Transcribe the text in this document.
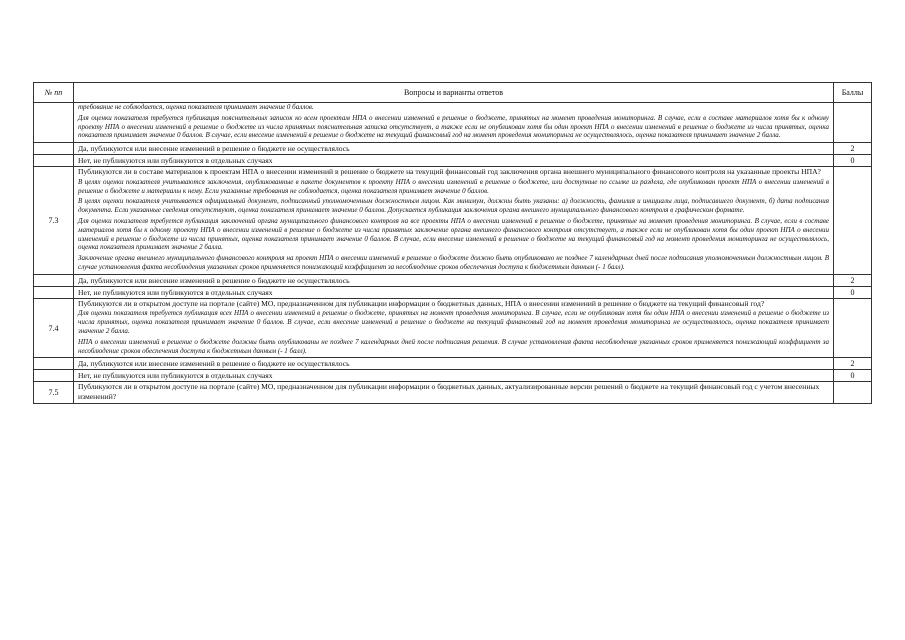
№ пп	Вопросы и варианты ответов	Баллы

	требование не соблюдается, оценка показателя принимает значение 0 баллов.

Для оценки показателя требуется публикация пояснительных записок ко всем проектам НПА о внесении изменений в решение о бюджете, принятых на момент проведения мониторинга. В случае, если в составе материалов хотя бы к одному проекту НПА о внесении изменений в решение о бюджете из числа принятых пояснительная записка отсутствует, а также если не опубликован хотя бы один проект НПА о внесении изменений в решение о бюджете из числа принятых, оценка показателя принимает значение 0 баллов. В случае, если внесение изменений в решение о бюджете на текущий финансовый год на момент проведения мониторинга не осуществлялось, оценка показателя принимает значение 2 балла.	

	Да, публикуются или внесение изменений в решение о бюджете не осуществлялось	2
	Нет, не публикуются или публикуются в отдельных случаях	0
7.3	Публикуются ли в составе материалов к проектам НПА о внесении изменений в решение о бюджете на текущий финансовый год заключения органа внешнего муниципального финансового контроля на указанные проекты НПА?

В целях оценки показателя учитываются заключения, опубликованные в пакете документов к проекту НПА о внесении изменений в решение о бюджете, или доступные по ссылке из раздела, где опубликован проект НПА о внесении изменений в решение о бюджете и материалы к нему. Если указанные требования не соблюдается, оценка показателя принимает значение 0 баллов.

В целях оценки показателя учитывается официальный документ, подписанный уполномоченным должностным лицом. Как минимум, должны быть указаны: а) должность, фамилия и инициалы лица, подписавшего документ, б) дата подписания документа. Если указанные сведения отсутствуют, оценка показателя принимает значение 0 баллов. Допускается публикация заключения органа внешнего муниципального финансового контроля в графическом формате.

Для оценки показателя требуется публикация заключений органа муниципального финансового контроля на все проекты НПА о внесении изменений в решение о бюджете, принятые на момент проведения мониторинга. В случае, если в составе материалов хотя бы к одному проекту НПА о внесении изменений в решение о бюджете из числа принятых заключение органа внешнего финансового контроля отсутствует, а также если не опубликован хотя бы один проект НПА о внесении изменений в решение о бюджете из числа принятых, оценка показателя принимает значение 0 баллов. В случае, если внесение изменений в решение о бюджете на текущий финансовый год на момент проведения мониторинга не осуществлялось, оценка показателя принимает значение 2 балла.

Заключение органа внешнего муниципального финансового контроля на проект НПА о внесении изменений в решение о бюджете должно быть опубликовано не позднее 7 календарных дней после подписания уполномоченным должностным лицом. В случае установления факта несоблюдения указанных сроков применяется понижающий коэффициент за несоблюдение сроков обеспечения доступа к бюджетным данным (- 1 балл).	

	Да, публикуются или внесение изменений в решение о бюджете не осуществлялось	2
	Нет, не публикуются или публикуются в отдельных случаях	0
7.4	Публикуются ли в открытом доступе на портале (сайте) МО, предназначенном для публикации информации о бюджетных данных, НПА о внесении изменений в решение о бюджете на текущий финансовый год?

Для оценки показателя требуется публикация всех НПА о внесении изменений в решение о бюджете, принятых на момент проведения мониторинга. В случае, если не опубликован хотя бы один НПА о внесении изменений в решение о бюджете из числа принятых, оценка показателя принимает значение 0 баллов. В случае, если внесение изменений в решение о бюджете на текущий финансовый год на момент проведения мониторинга не осуществлялось, оценка показателя принимает значение 2 балла.

НПА о внесении изменений в решение о бюджете должны быть опубликованы не позднее 7 календарных дней после подписания решения. В случае установления факта несоблюдения указанных сроков применяется понижающий коэффициент за несоблюдение сроков обеспечения доступа к бюджетным данным (- 1 балл).	

	Да, публикуются или внесение изменений в решение о бюджете не осуществлялось	2
	Нет, не публикуются или публикуются в отдельных случаях	0
7.5	Публикуются ли в открытом доступе на портале (сайте) МО, предназначенном для публикации информации о бюджетных данных, актуализированные версии решений о бюджете на текущий финансовый год с учетом внесенных изменений?	
